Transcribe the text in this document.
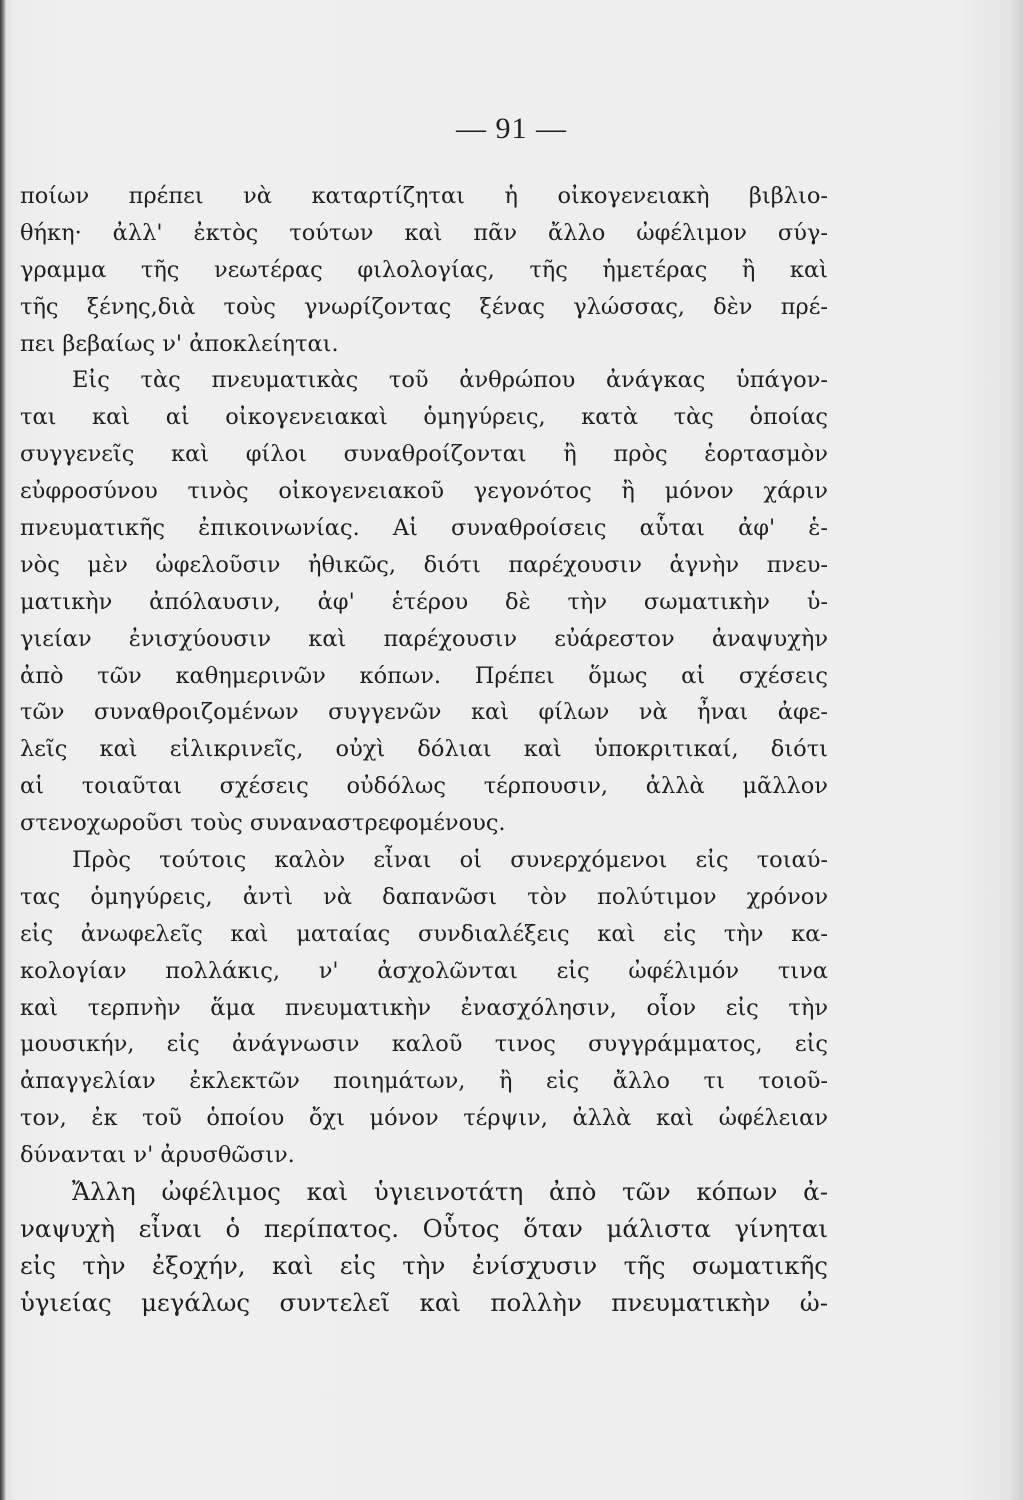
— 91 —
ποίων πρέπει νὰ καταρτίζηται ἡ οἰκογενειακὴ βιβλιο-
θήκη· ἀλλ' ἐκτὸς τούτων καὶ πᾶν ἄλλο ὠφέλιμον σύγ-
γραμμα τῆς νεωτέρας φιλολογίας, τῆς ἡμετέρας ἢ καὶ
τῆς ξένης,διὰ τοὺς γνωρίζοντας ξένας γλώσσας, δὲν πρέ-
πει βεβαίως ν' ἀποκλείηται.
Εἰς τὰς πνευματικὰς τοῦ ἀνθρώπου ἀνάγκας ὑπάγον-
ται καὶ αἱ οἰκογενειακαὶ ὁμηγύρεις, κατὰ τὰς ὁποίας
συγγενεῖς καὶ φίλοι συναθροίζονται ἢ πρὸς ἑορτασμὸν
εὐφροσύνου τινὸς οἰκογενειακοῦ γεγονότος ἢ μόνον χάριν
πνευματικῆς ἐπικοινωνίας. Αἱ συναθροίσεις αὗται ἀφ' ἑ-
νὸς μὲν ὠφελοῦσιν ἠθικῶς, διότι παρέχουσιν ἁγνὴν πνευ-
ματικὴν ἀπόλαυσιν, ἀφ' ἑτέρου δὲ τὴν σωματικὴν ὑ-
γιείαν ἐνισχύουσιν καὶ παρέχουσιν εὐάρεστον ἀναψυχὴν
ἀπὸ τῶν καθημερινῶν κόπων. Πρέπει ὅμως αἱ σχέσεις
τῶν συναθροιζομένων συγγενῶν καὶ φίλων νὰ ἦναι ἀφε-
λεῖς καὶ εἰλικρινεῖς, οὐχὶ δόλιαι καὶ ὑποκριτικαί, διότι
αἱ τοιαῦται σχέσεις οὐδόλως τέρπουσιν, ἀλλὰ μᾶλλον
στενοχωροῦσι τοὺς συναναστρεφομένους.
Πρὸς τούτοις καλὸν εἶναι οἱ συνερχόμενοι εἰς τοιαύ-
τας ὁμηγύρεις, ἀντὶ νὰ δαπανῶσι τὸν πολύτιμον χρόνον
εἰς ἀνωφελεῖς καὶ ματαίας συνδιαλέξεις καὶ εἰς τὴν κα-
κολογίαν πολλάκις, ν' ἀσχολῶνται εἰς ὠφέλιμόν τινα
καὶ τερπνὴν ἅμα πνευματικὴν ἐνασχόλησιν, οἷον εἰς τὴν
μουσικήν, εἰς ἀνάγνωσιν καλοῦ τινος συγγράμματος, εἰς
ἀπαγγελίαν ἐκλεκτῶν ποιημάτων, ἢ εἰς ἄλλο τι τοιοῦ-
τον, ἐκ τοῦ ὁποίου ὄχι μόνον τέρψιν, ἀλλὰ καὶ ὠφέλειαν
δύνανται ν' ἀρυσθῶσιν.
Ἄλλη ὠφέλιμος καὶ ὑγιεινοτάτη ἀπὸ τῶν κόπων ἀ-
ναψυχὴ εἶναι ὁ περίπατος. Οὗτος ὅταν μάλιστα γίνηται
εἰς τὴν ἐξοχήν, καὶ εἰς τὴν ἐνίσχυσιν τῆς σωματικῆς
ὑγιείας μεγάλως συντελεῖ καὶ πολλὴν πνευματικὴν ὠ-
